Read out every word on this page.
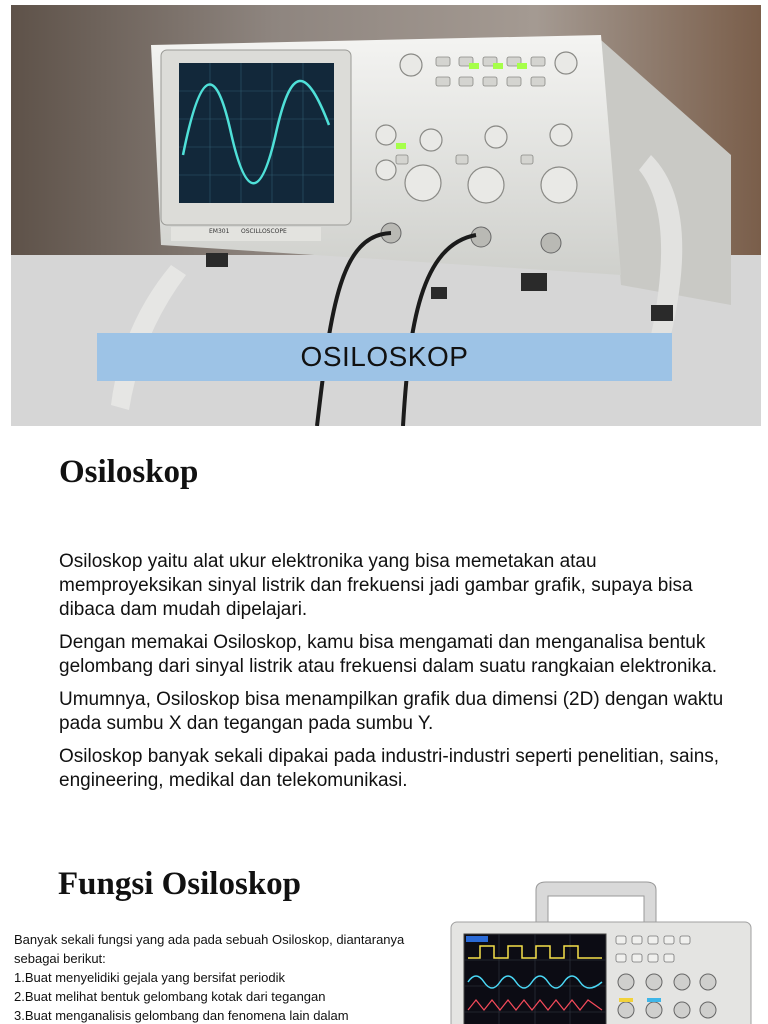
EM301 OSCILLOSCOPE
OSILOSKOP
Osiloskop

Osiloskop yaitu alat ukur elektronika yang bisa memetakan atau memproyeksikan sinyal listrik dan frekuensi jadi gambar grafik, supaya bisa dibaca dam mudah dipelajari.

Dengan memakai Osiloskop, kamu bisa mengamati dan menganalisa bentuk gelombang dari sinyal listrik atau frekuensi dalam suatu rangkaian elektronika.

Umumnya, Osiloskop bisa menampilkan grafik dua dimensi (2D) dengan waktu pada sumbu X dan tegangan pada sumbu Y.

Osiloskop banyak sekali dipakai pada industri-industri seperti penelitian, sains, engineering, medikal dan telekomunikasi.

Fungsi Osiloskop
Banyak sekali fungsi yang ada pada sebuah Osiloskop, diantaranya sebagai berikut:
1.Buat menyelidiki gejala yang bersifat periodik
2.Buat melihat bentuk gelombang kotak dari tegangan
3.Buat menganalisis gelombang dan fenomena lain dalam
